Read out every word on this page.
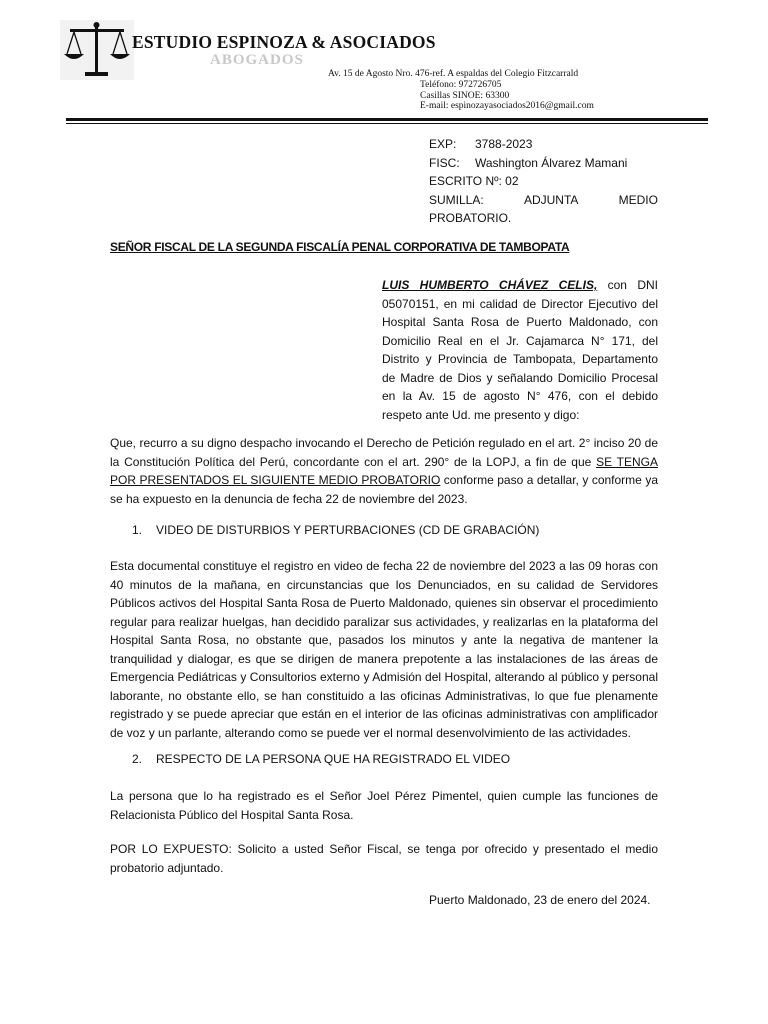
ESTUDIO ESPINOZA & ASOCIADOS
ABOGADOS
Av. 15 de Agosto Nro. 476-ref. A espaldas del Colegio Fitzcarrald
Teléfono: 972726705
Casillas SINOE: 63300
E-mail: espinozayasociados2016@gmail.com
EXP: 3788-2023
FISC: Washington Álvarez Mamani
ESCRITO Nº: 02
SUMILLA:	ADJUNTA	MEDIO
PROBATORIO.
SEÑOR FISCAL DE LA SEGUNDA FISCALÍA PENAL CORPORATIVA DE TAMBOPATA
LUIS HUMBERTO CHÁVEZ CELIS, con DNI 05070151, en mi calidad de Director Ejecutivo del Hospital Santa Rosa de Puerto Maldonado, con Domicilio Real en el Jr. Cajamarca N° 171, del Distrito y Provincia de Tambopata, Departamento de Madre de Dios y señalando Domicilio Procesal en la Av. 15 de agosto N° 476, con el debido respeto ante Ud. me presento y digo:
Que, recurro a su digno despacho invocando el Derecho de Petición regulado en el art. 2° inciso 20 de la Constitución Política del Perú, concordante con el art. 290° de la LOPJ, a fin de que SE TENGA POR PRESENTADOS EL SIGUIENTE MEDIO PROBATORIO conforme paso a detallar, y conforme ya se ha expuesto en la denuncia de fecha 22 de noviembre del 2023.
1. VIDEO DE DISTURBIOS Y PERTURBACIONES (CD DE GRABACIÓN)
Esta documental constituye el registro en video de fecha 22 de noviembre del 2023 a las 09 horas con 40 minutos de la mañana, en circunstancias que los Denunciados, en su calidad de Servidores Públicos activos del Hospital Santa Rosa de Puerto Maldonado, quienes sin observar el procedimiento regular para realizar huelgas, han decidido paralizar sus actividades, y realizarlas en la plataforma del Hospital Santa Rosa, no obstante que, pasados los minutos y ante la negativa de mantener la tranquilidad y dialogar, es que se dirigen de manera prepotente a las instalaciones de las áreas de Emergencia Pediátricas y Consultorios externo y Admisión del Hospital, alterando al público y personal laborante, no obstante ello, se han constituido a las oficinas Administrativas, lo que fue plenamente registrado y se puede apreciar que están en el interior de las oficinas administrativas con amplificador de voz y un parlante, alterando como se puede ver el normal desenvolvimiento de las actividades.
2. RESPECTO DE LA PERSONA QUE HA REGISTRADO EL VIDEO
La persona que lo ha registrado es el Señor Joel Pérez Pimentel, quien cumple las funciones de Relacionista Público del Hospital Santa Rosa.
POR LO EXPUESTO: Solicito a usted Señor Fiscal, se tenga por ofrecido y presentado el medio probatorio adjuntado.
Puerto Maldonado, 23 de enero del 2024.
